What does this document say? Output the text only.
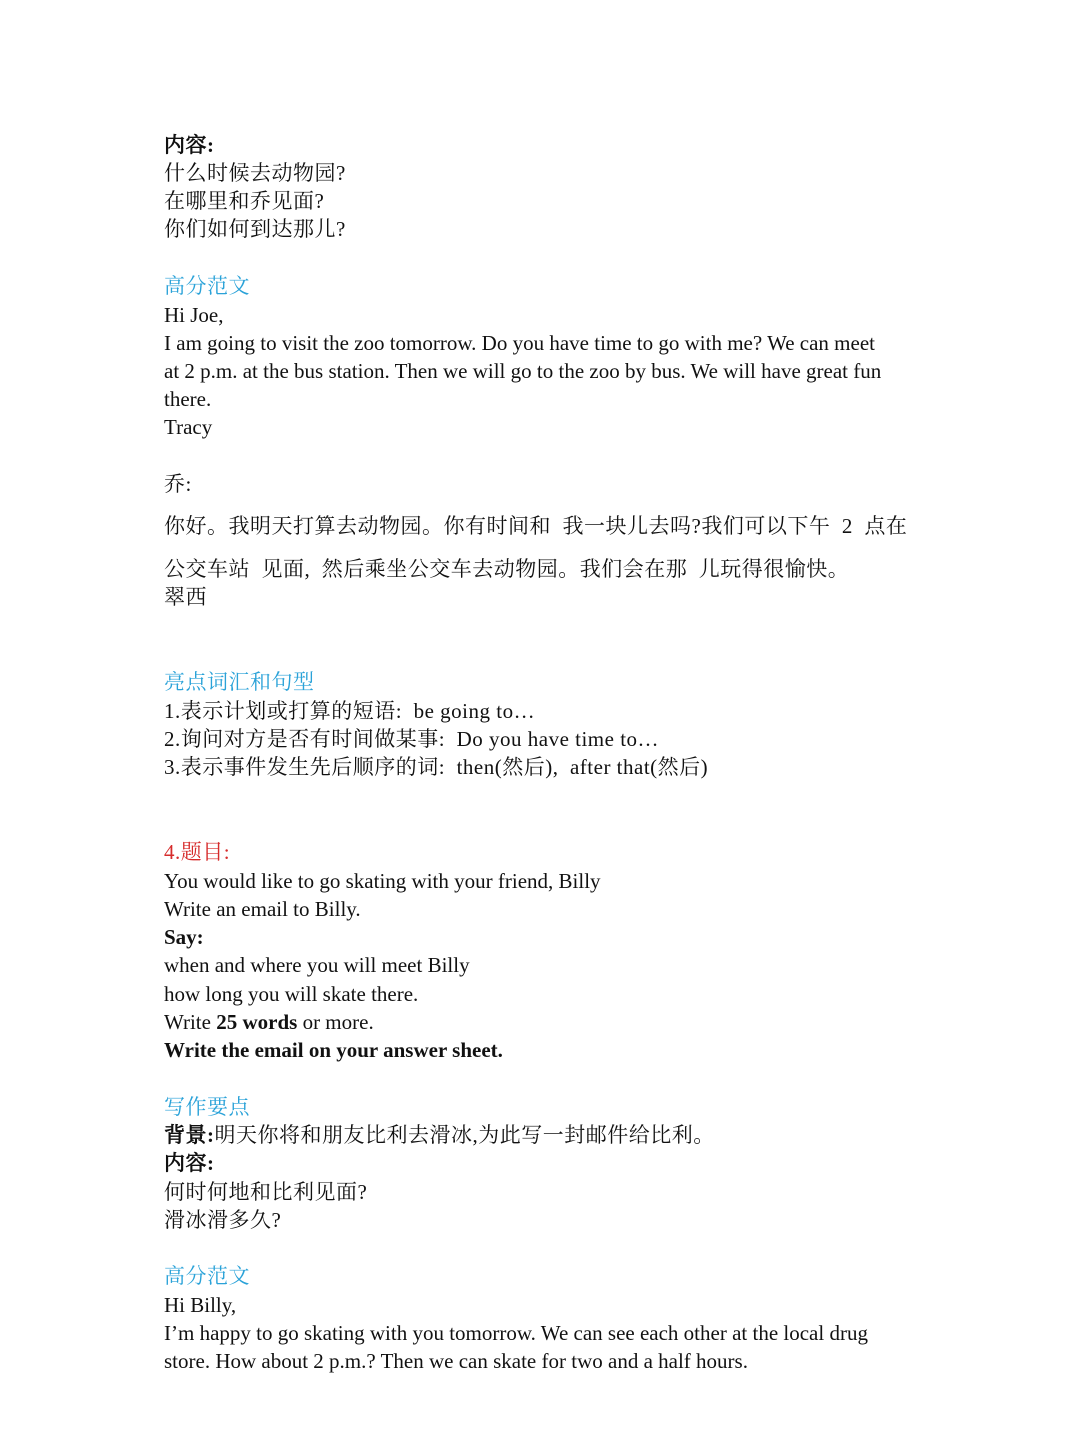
内容:

什么时候去动物园?

在哪里和乔见面?

你们如何到达那儿?

高分范文

Hi Joe,

I am going to visit the zoo tomorrow. Do you have time to go with me? We can meet

at 2 p.m. at the bus station. Then we will go to the zoo by bus. We will have great fun

there.

Tracy

乔:

你好。我明天打算去动物园。你有时间和  我一块儿去吗?我们可以下午  2  点在

公交车站  见面,  然后乘坐公交车去动物园。我们会在那  儿玩得很愉快。

翠西

亮点词汇和句型

1.表示计划或打算的短语:  be going to…

2.询问对方是否有时间做某事:  Do you have time to…

3.表示事件发生先后顺序的词:  then(然后),  after that(然后)

4.题目:

You would like to go skating with your friend, Billy

Write an email to Billy.

Say:

when and where you will meet Billy

how long you will skate there.

Write 25 words or more.

Write the email on your answer sheet.

写作要点

背景:明天你将和朋友比利去滑冰,为此写一封邮件给比利。

内容:

何时何地和比利见面?

滑冰滑多久?

高分范文

Hi Billy,

I’m happy to go skating with you tomorrow. We can see each other at the local drug

store. How about 2 p.m.? Then we can skate for two and a half hours.
